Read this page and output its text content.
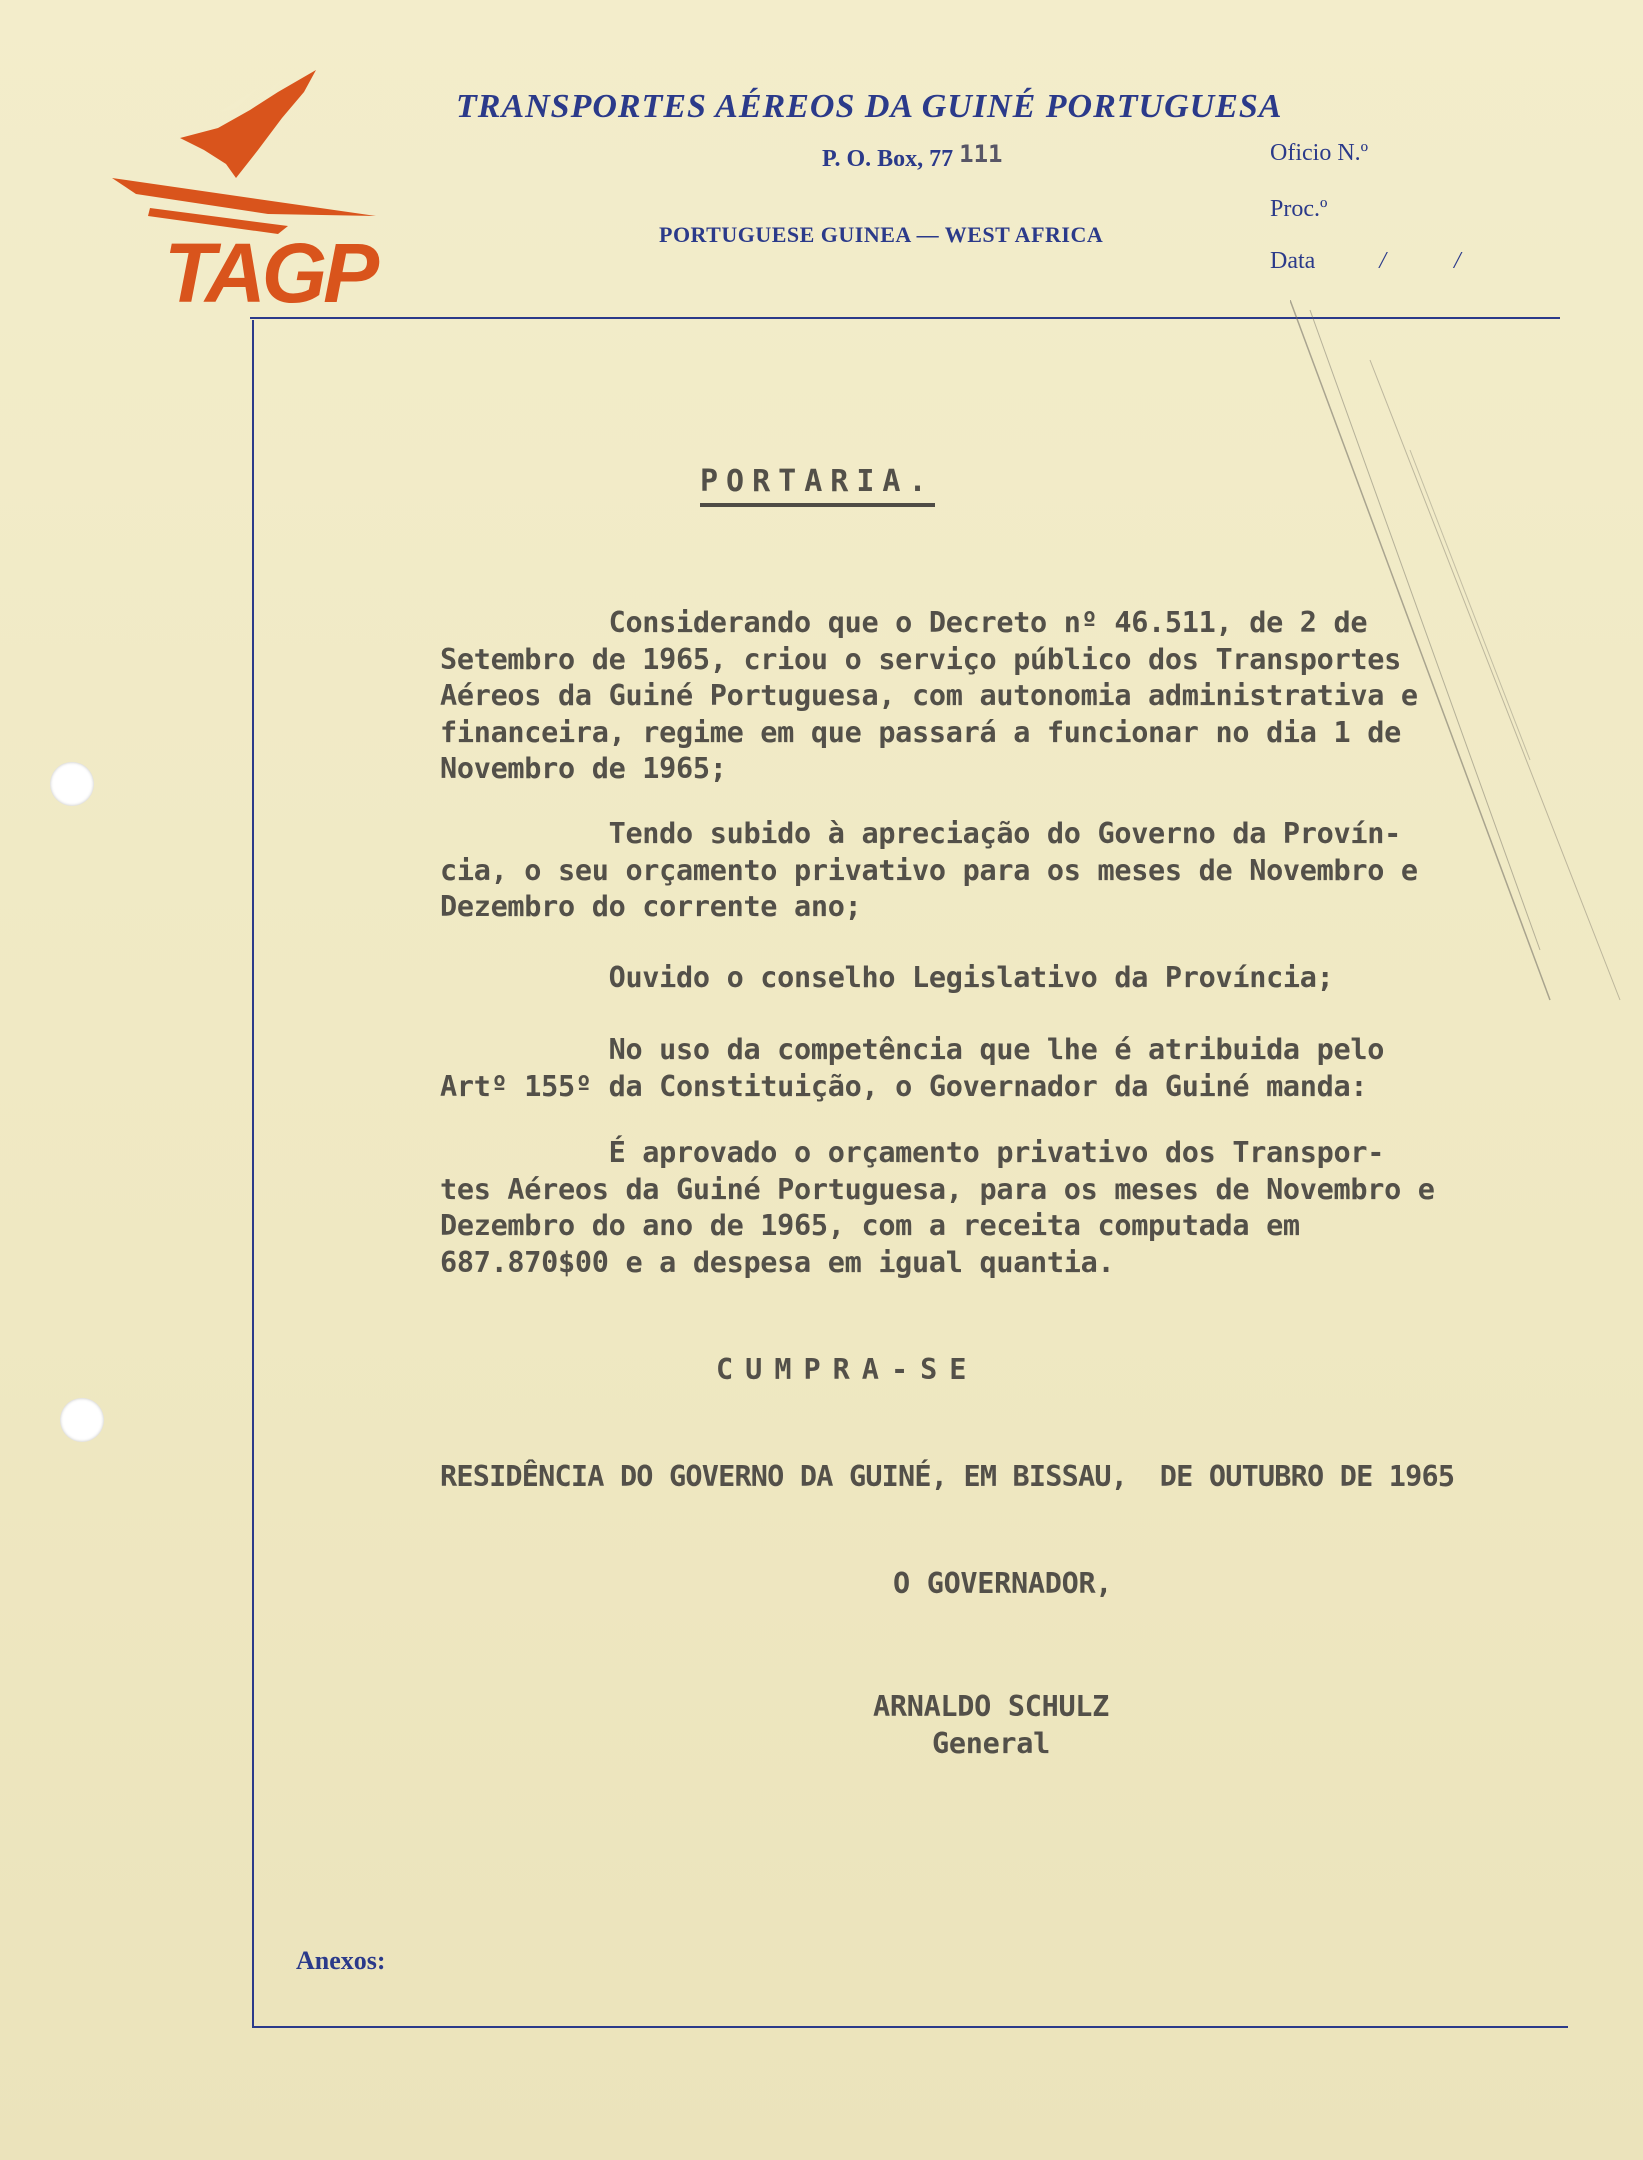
TAGP
TRANSPORTES AÉREOS DA GUINÉ PORTUGUESA
P. O. Box, 77 111
PORTUGUESE GUINEA — WEST AFRICA
Oficio N.º
Proc.º
Data	/	/
PORTARIA.
Considerando que o Decreto nº 46.511, de 2 de
Setembro de 1965, criou o serviço público dos Transportes
Aéreos da Guiné Portuguesa, com autonomia administrativa e
financeira, regime em que passará a funcionar no dia 1 de
Novembro de 1965;
Tendo subido à apreciação do Governo da Provín-
cia, o seu orçamento privativo para os meses de Novembro e
Dezembro do corrente ano;
Ouvido o conselho Legislativo da Província;
No uso da competência que lhe é atribuida pelo
Artº 155º da Constituição, o Governador da Guiné manda:
É aprovado o orçamento privativo dos Transpor-
tes Aéreos da Guiné Portuguesa, para os meses de Novembro e
Dezembro do ano de 1965, com a receita computada em
687.870$00 e a despesa em igual quantia.
CUMPRA-SE
RESIDÊNCIA DO GOVERNO DA GUINÉ, EM BISSAU,  DE OUTUBRO DE 1965
O GOVERNADOR,
ARNALDO SCHULZ
General
Anexos:
